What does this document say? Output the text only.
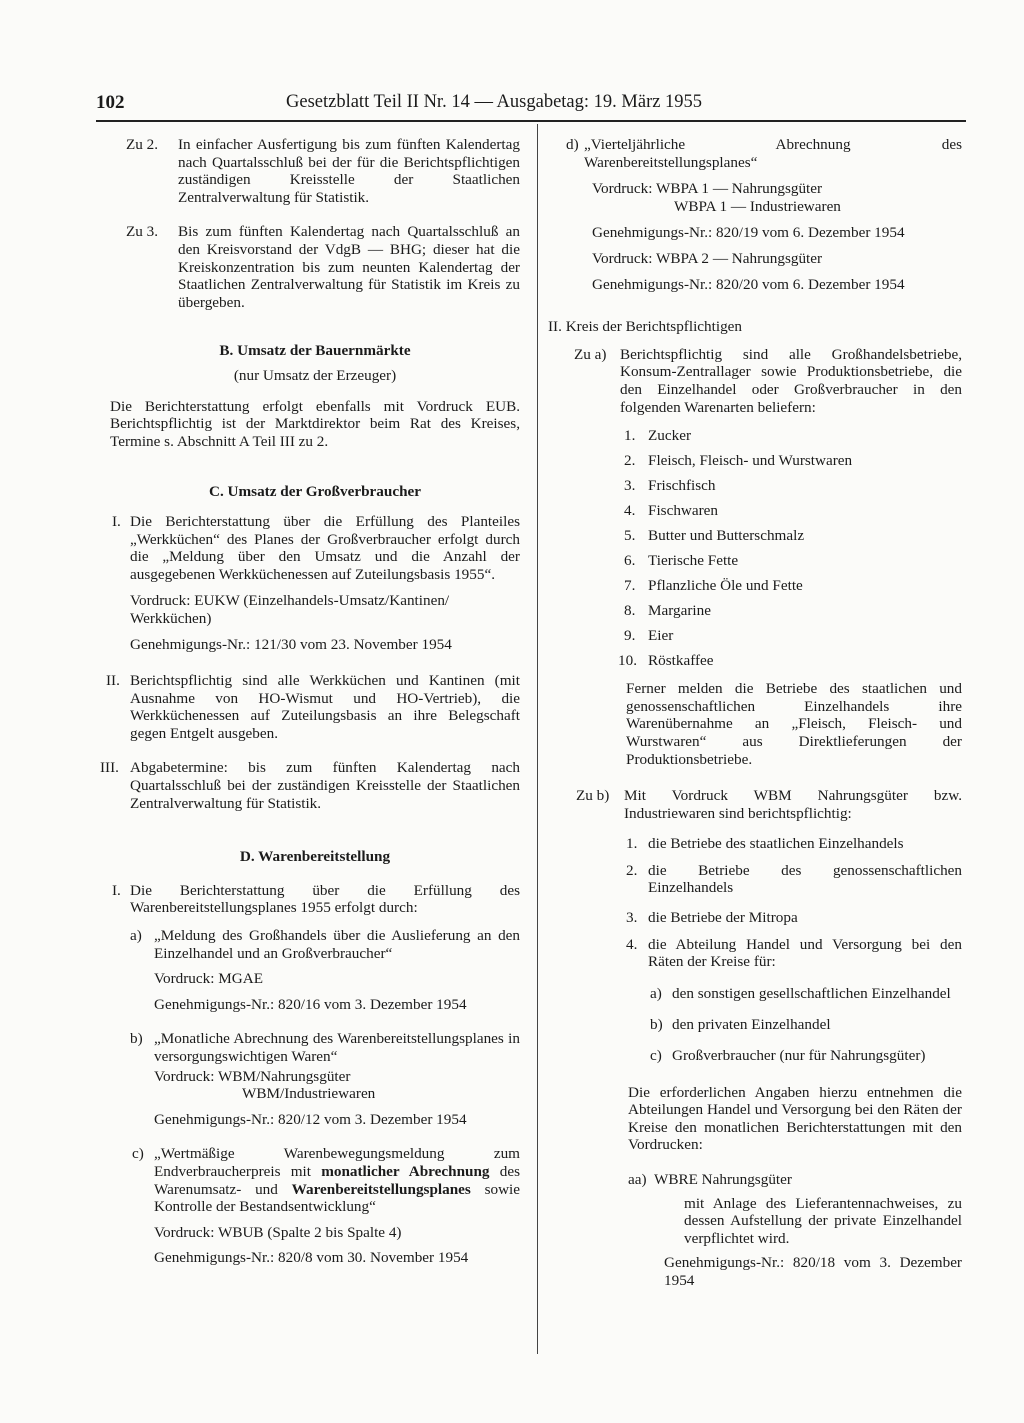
102	Gesetzblatt Teil II Nr. 14 — Ausgabetag: 19. März 1955
Zu 2. In einfacher Ausfertigung bis zum fünften Kalendertag nach Quartalsschluß bei der für die Berichtspflichtigen zuständigen Kreisstelle der Staatlichen Zentralverwaltung für Statistik.

Zu 3. Bis zum fünften Kalendertag nach Quartalsschluß an den Kreisvorstand der VdgB — BHG; dieser hat die Kreiskonzentration bis zum neunten Kalendertag der Staatlichen Zentralverwaltung für Statistik im Kreis zu übergeben.

B. Umsatz der Bauernmärkte

(nur Umsatz der Erzeuger)

Die Berichterstattung erfolgt ebenfalls mit Vordruck EUB. Berichtspflichtig ist der Marktdirektor beim Rat des Kreises, Termine s. Abschnitt A Teil III zu 2.

C. Umsatz der Großverbraucher

I. Die Berichterstattung über die Erfüllung des Planteiles „Werkküchen“ des Planes der Großverbraucher erfolgt durch die „Meldung über den Umsatz und die Anzahl der ausgegebenen Werkküchenessen auf Zuteilungsbasis 1955“.

Vordruck: EUKW (Einzelhandels-Umsatz/Kantinen/ Werkküchen)

Genehmigungs-Nr.: 121/30 vom 23. November 1954

II. Berichtspflichtig sind alle Werkküchen und Kantinen (mit Ausnahme von HO-Wismut und HO-Vertrieb), die Werkküchenessen auf Zuteilungsbasis an ihre Belegschaft gegen Entgelt ausgeben.

III. Abgabetermine: bis zum fünften Kalendertag nach Quartalsschluß bei der zuständigen Kreisstelle der Staatlichen Zentralverwaltung für Statistik.

D. Warenbereitstellung

I. Die Berichterstattung über die Erfüllung des Warenbereitstellungsplanes 1955 erfolgt durch:

a) „Meldung des Großhandels über die Auslieferung an den Einzelhandel und an Großverbraucher“

Vordruck: MGAE

Genehmigungs-Nr.: 820/16 vom 3. Dezember 1954

b) „Monatliche Abrechnung des Warenbereitstellungsplanes in versorgungswichtigen Waren“

Vordruck: WBM/Nahrungsgüter

WBM/Industriewaren

Genehmigungs-Nr.: 820/12 vom 3. Dezember 1954

c) „Wertmäßige Warenbewegungsmeldung zum Endverbraucherpreis mit monatlicher Abrechnung des Warenumsatz- und Warenbereitstellungsplanes sowie Kontrolle der Bestandsentwicklung“

Vordruck: WBUB (Spalte 2 bis Spalte 4)

Genehmigungs-Nr.: 820/8 vom 30. November 1954

d) „Vierteljährliche Abrechnung des Warenbereitstellungsplanes“

Vordruck: WBPA 1 — Nahrungsgüter

WBPA 1 — Industriewaren

Genehmigungs-Nr.: 820/19 vom 6. Dezember 1954

Vordruck: WBPA 2 — Nahrungsgüter

Genehmigungs-Nr.: 820/20 vom 6. Dezember 1954

II. Kreis der Berichtspflichtigen

Zu a) Berichtspflichtig sind alle Großhandelsbetriebe, Konsum-Zentrallager sowie Produktionsbetriebe, die den Einzelhandel oder Großverbraucher in den folgenden Warenarten beliefern:

1. Zucker
2. Fleisch, Fleisch- und Wurstwaren
3. Frischfisch
4. Fischwaren
5. Butter und Butterschmalz
6. Tierische Fette
7. Pflanzliche Öle und Fette
8. Margarine
9. Eier
10. Röstkaffee

Ferner melden die Betriebe des staatlichen und genossenschaftlichen Einzelhandels ihre Warenübernahme an „Fleisch, Fleisch- und Wurstwaren“ aus Direktlieferungen der Produktionsbetriebe.

Zu b) Mit Vordruck WBM Nahrungsgüter bzw. Industriewaren sind berichtspflichtig:

1. die Betriebe des staatlichen Einzelhandels

2. die Betriebe des genossenschaftlichen Einzelhandels

3. die Betriebe der Mitropa

4. die Abteilung Handel und Versorgung bei den Räten der Kreise für:

a) den sonstigen gesellschaftlichen Einzelhandel

b) den privaten Einzelhandel

c) Großverbraucher (nur für Nahrungsgüter)

Die erforderlichen Angaben hierzu entnehmen die Abteilungen Handel und Versorgung bei den Räten der Kreise den monatlichen Berichterstattungen mit den Vordrucken:

aa) WBRE Nahrungsgüter

mit Anlage des Lieferantennachweises, zu dessen Aufstellung der private Einzelhandel verpflichtet wird.

Genehmigungs-Nr.: 820/18 vom 3. Dezember 1954
